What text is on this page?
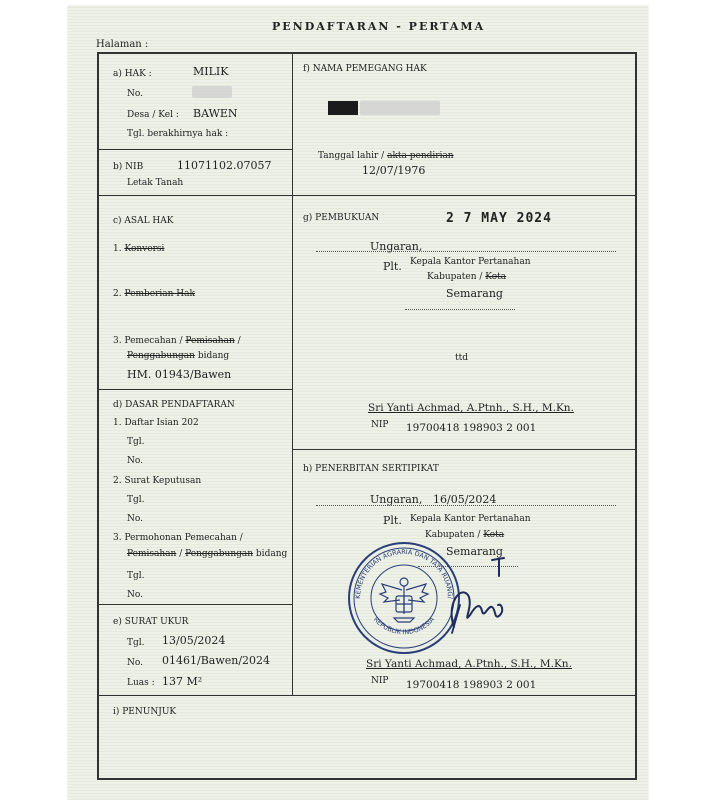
PENDAFTARAN - PERTAMA
Halaman :
a) HAK :	MILIK
No.
Desa / Kel : BAWEN
Tgl. berakhirnya hak :
b) NIB	11071102.07057
Letak Tanah
c) ASAL HAK
1. Konversi
2. Pemberian Hak
3. Pemecahan / Pemisahan /
Penggabungan bidang
HM. 01943/Bawen
d) DASAR PENDAFTARAN
1. Daftar Isian 202
Tgl.
No.
2. Surat Keputusan
Tgl.
No.
3. Permohonan Pemecahan /
Pemisahan / Penggabungan bidang
Tgl.
No.
e) SURAT UKUR
Tgl. 13/05/2024
No. 01461/Bawen/2024
Luas : 137 M²
f) NAMA PEMEGANG HAK
Tanggal lahir / akta pendirian
12/07/1976
g) PEMBUKUAN	2 7 MAY 2024
Ungaran,
Plt. Kepala Kantor Pertanahan
Kabupaten / Kota
Semarang
ttd
Sri Yanti Achmad, A.Ptnh., S.H., M.Kn.
NIP 19700418 198903 2 001
h) PENERBITAN SERTIPIKAT
Ungaran, 16/05/2024
Plt. Kepala Kantor Pertanahan
Kabupaten / Kota
Semarang
KEMENTERIAN AGRARIA DAN TATA RUANG/
REPUBLIK INDONESIA
Sri Yanti Achmad, A.Ptnh., S.H., M.Kn.
NIP 19700418 198903 2 001
i) PENUNJUK
